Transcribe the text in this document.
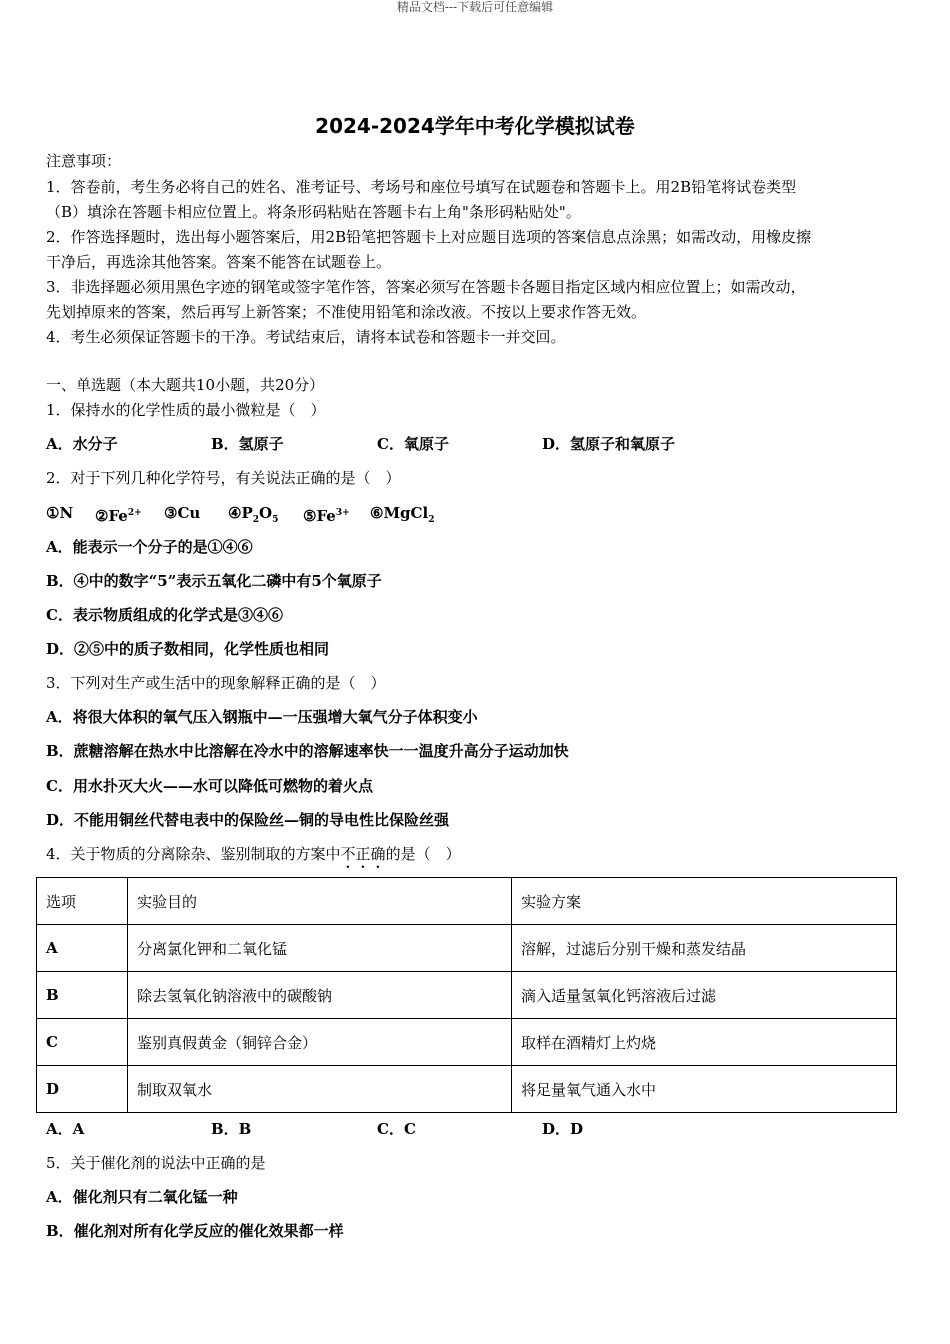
精品文档---下载后可任意编辑
2024-2024学年中考化学模拟试卷
注意事项：
1．答卷前，考生务必将自己的姓名、准考证号、考场号和座位号填写在试题卷和答题卡上。用2B铅笔将试卷类型
（B）填涂在答题卡相应位置上。将条形码粘贴在答题卡右上角"条形码粘贴处"。
2．作答选择题时，选出每小题答案后，用2B铅笔把答题卡上对应题目选项的答案信息点涂黑；如需改动，用橡皮擦
干净后，再选涂其他答案。答案不能答在试题卷上。
3．非选择题必须用黑色字迹的钢笔或签字笔作答，答案必须写在答题卡各题目指定区域内相应位置上；如需改动，
先划掉原来的答案，然后再写上新答案；不准使用铅笔和涂改液。不按以上要求作答无效。
4．考生必须保证答题卡的干净。考试结束后，请将本试卷和答题卡一并交回。
一、单选题（本大题共10小题，共20分）
1．保持水的化学性质的最小微粒是（　）
A．水分子	B．氢原子	C．氧原子	D．氢原子和氧原子
2．对于下列几种化学符号，有关说法正确的是（　）
①N $②Fe^{2+}$ ③Cu $④P_2O_5$ $⑤Fe^{3+}$ ⑥MgCl$_2$
A．能表示一个分子的是①④⑥
B．④中的数字“5”表示五氧化二磷中有5个氧原子
C．表示物质组成的化学式是③④⑥
D．②⑤中的质子数相同，化学性质也相同
3．下列对生产或生活中的现象解释正确的是（　）
A．将很大体积的氧气压入钢瓶中—一压强增大氧气分子体积变小
B．蔗糖溶解在热水中比溶解在冷水中的溶解速率快一一温度升高分子运动加快
C．用水扑灭大火——水可以降低可燃物的着火点
D．不能用铜丝代替电表中的保险丝—铜的导电性比保险丝强
4．关于物质的分离除杂、鉴别制取的方案中不正确的是（　）
选项	实验目的	实验方案
A	分离氯化钾和二氧化锰	溶解，过滤后分别干燥和蒸发结晶
B	除去氢氧化钠溶液中的碳酸钠	滴入适量氢氧化钙溶液后过滤
C	鉴别真假黄金（铜锌合金）	取样在酒精灯上灼烧
D	制取双氧水	将足量氧气通入水中
A．A	B．B	C．C	D．D
5．关于催化剂的说法中正确的是
A．催化剂只有二氧化锰一种
B．催化剂对所有化学反应的催化效果都一样
